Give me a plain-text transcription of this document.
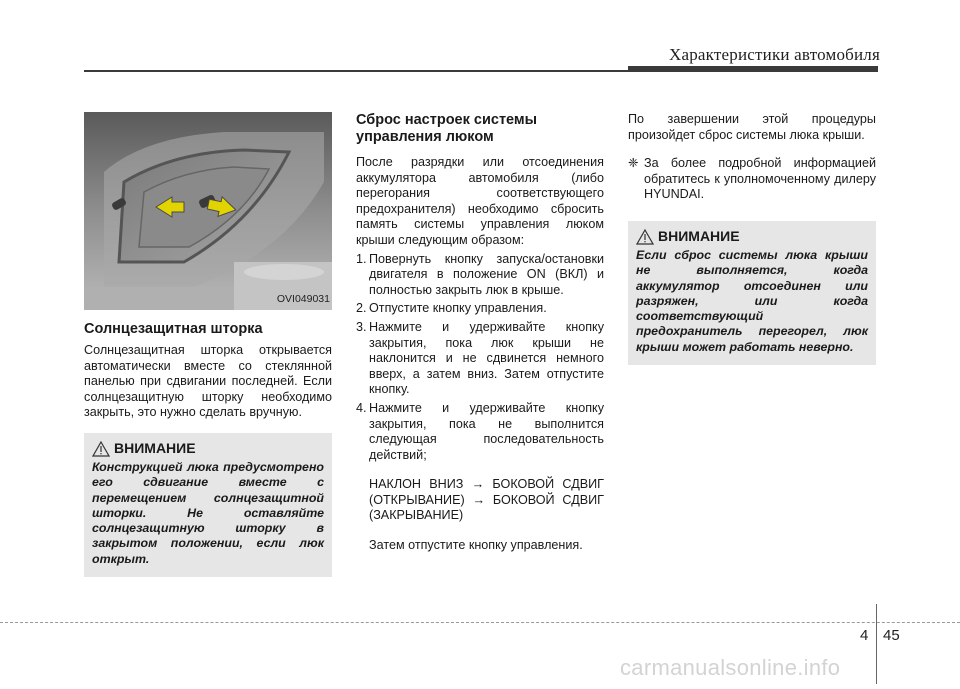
Характеристики автомобиля
OVI049031
Солнцезащитная шторка

Солнцезащитная шторка открывается автоматически вместе со стеклянной панелью при сдвигании последней. Если солнцезащитную шторку необходимо закрыть, это нужно сделать вручную.

ВНИМАНИЕ
Конструкцией люка предусмотрено его сдвигание вместе с перемещением солнцезащитной шторки. Не оставляйте солнцезащитную шторку в закрытом положении, если люк открыт.
Сброс настроек системы управления люком

После разрядки или отсоединения аккумулятора автомобиля (либо перегорания соответствующего предохранителя) необходимо сбросить память системы управления люком крыши следующим образом:

1. Повернуть кнопку запуска/остановки двигателя в положение ON (ВКЛ) и полностью закрыть люк в крыше.
2. Отпустите кнопку управления.
3. Нажмите и удерживайте кнопку закрытия, пока люк крыши не наклонится и не сдвинется немного вверх, а затем вниз. Затем отпустите кнопку.
4. Нажмите и удерживайте кнопку закрытия, пока не выполнится следующая последовательность действий;

НАКЛОН ВНИЗ → БОКОВОЙ СДВИГ (ОТКРЫВАНИЕ) → БОКОВОЙ СДВИГ (ЗАКРЫВАНИЕ)

Затем отпустите кнопку управления.

По завершении этой процедуры произойдет сброс системы люка крыши.

❈ За более подробной информацией обратитесь к уполномоченному дилеру HYUNDAI.
ВНИМАНИЕ
Если сброс системы люка крыши не выполняется, когда аккумулятор отсоединен или разряжен, или когда соответствующий предохранитель перегорел, люк крыши может работать неверно.
4 45
carmanualsonline.info
